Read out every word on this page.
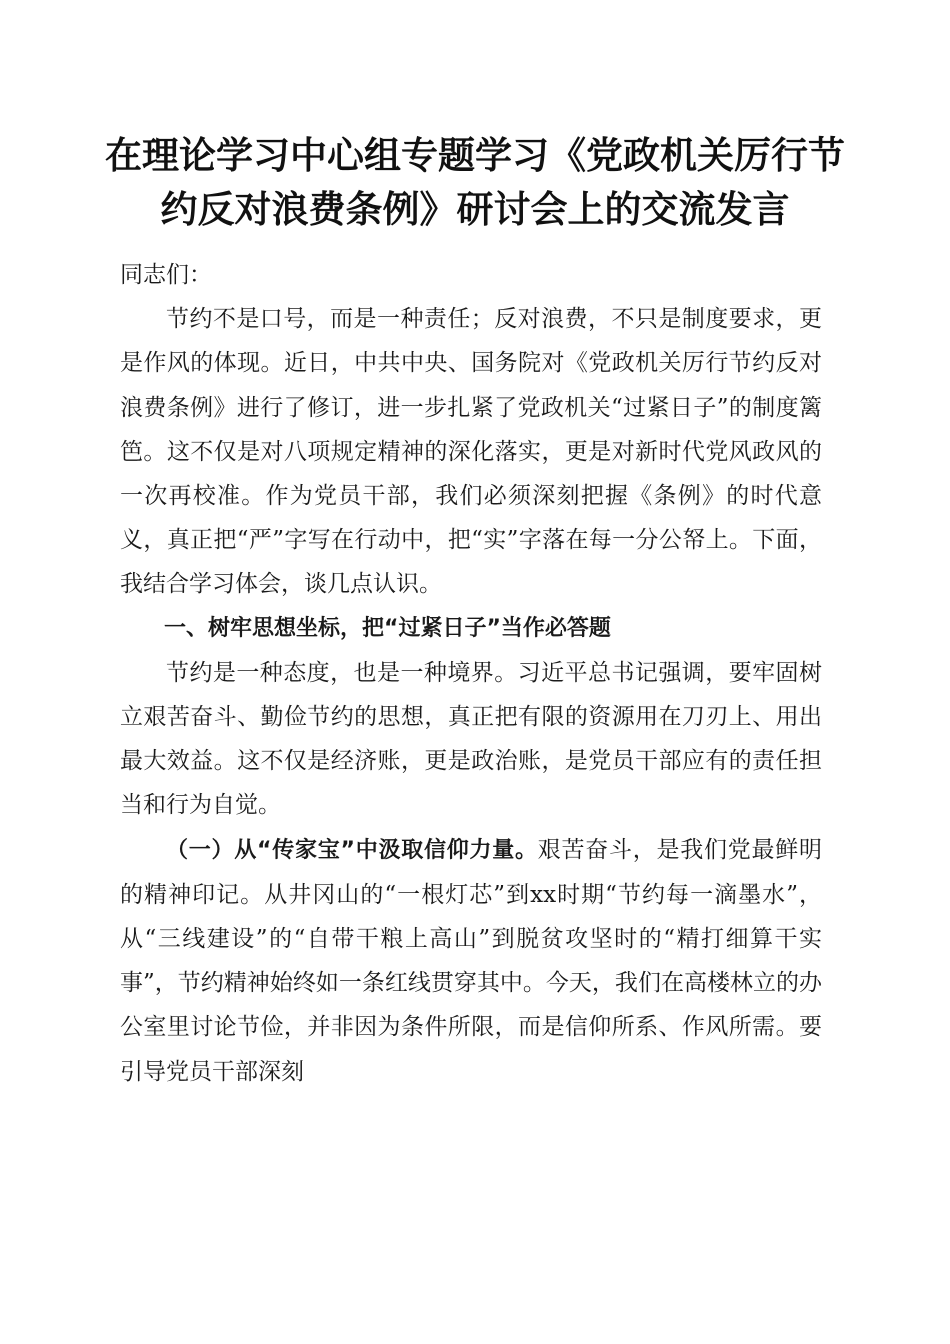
在理论学习中心组专题学习《党政机关厉行节
约反对浪费条例》研讨会上的交流发言

同志们：

节约不是口号，而是一种责任；反对浪费，不只是制度要求，更是作风的体现。近日，中共中央、国务院对《党政机关厉行节约反对浪费条例》进行了修订，进一步扎紧了党政机关“过紧日子”的制度篱笆。这不仅是对八项规定精神的深化落实，更是对新时代党风政风的一次再校准。作为党员干部，我们必须深刻把握《条例》的时代意义，真正把“严”字写在行动中，把“实”字落在每一分公帑上。下面，我结合学习体会，谈几点认识。

一、树牢思想坐标，把“过紧日子”当作必答题

节约是一种态度，也是一种境界。习近平总书记强调，要牢固树立艰苦奋斗、勤俭节约的思想，真正把有限的资源用在刀刃上、用出最大效益。这不仅是经济账，更是政治账，是党员干部应有的责任担当和行为自觉。

（一）从“传家宝”中汲取信仰力量。艰苦奋斗，是我们党最鲜明的精神印记。从井冈山的“一根灯芯”到xx时期“节约每一滴墨水”，从“三线建设”的“自带干粮上高山”到脱贫攻坚时的“精打细算干实事”，节约精神始终如一条红线贯穿其中。今天，我们在高楼林立的办公室里讨论节俭，并非因为条件所限，而是信仰所系、作风所需。要引导党员干部深刻
